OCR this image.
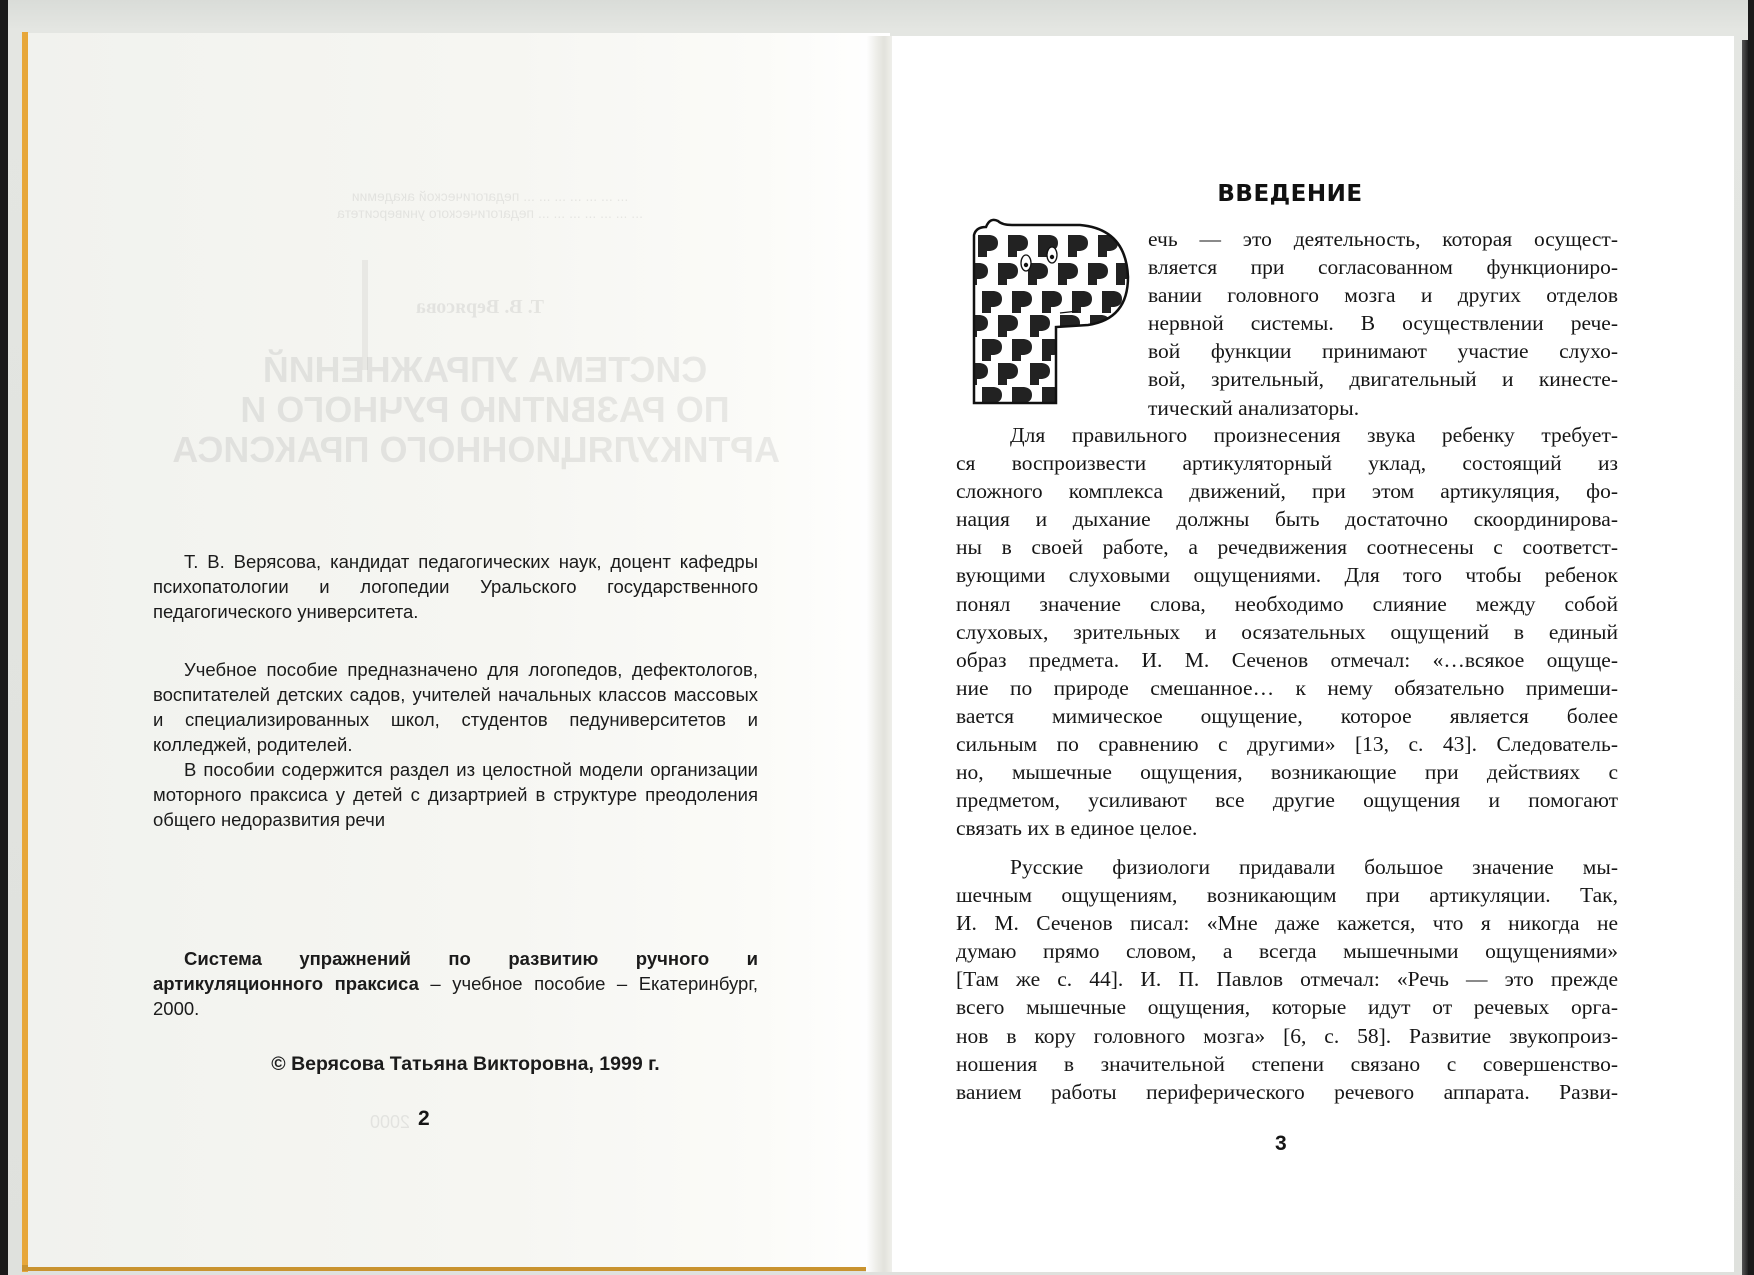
... ... ... ... ... ... ... педагогической академии
... ... ... ... ... ... ... педагогического университета
Т. В. Верясова
СИСТЕМА УПРАЖНЕНИЙ
ПО РАЗВИТИЮ РУЧНОГО И
АРТИКУЛЯЦИОННОГО ПРАКСИСА
2000

Т. В. Верясова, кандидат педагогических наук, доцент кафедры психопатологии и логопедии Уральского государственного педагогического университета.

Учебное пособие предназначено для логопедов, дефектологов, воспитателей детских садов, учителей начальных классов массовых и специализированных школ, студентов педуниверситетов и колледжей, родителей.

В пособии содержится раздел из целостной модели организации моторного праксиса у детей с дизартрией в структуре преодоления общего недоразвития речи

Система упражнений по развитию ручного и артикуляционного праксиса – учебное пособие – Екатеринбург, 2000.

© Верясова Татьяна Викторовна, 1999 г.
2
ВВЕДЕНИЕ
ечь — это деятельность, которая осущест-
вляется при согласованном функциониро-
вании головного мозга и других отделов
нервной системы. В осуществлении рече-
вой функции принимают участие слухо-
вой, зрительный, двигательный и кинесте-
тический анализаторы.
Для правильного произнесения звука ребенку требует-
ся воспроизвести артикуляторный уклад, состоящий из
сложного комплекса движений, при этом артикуляция, фо-
нация и дыхание должны быть достаточно скоординирова-
ны в своей работе, а речедвижения соотнесены с соответст-
вующими слуховыми ощущениями. Для того чтобы ребенок
понял значение слова, необходимо слияние между собой
слуховых, зрительных и осязательных ощущений в единый
образ предмета. И. М. Сеченов отмечал: «…всякое ощуще-
ние по природе смешанное… к нему обязательно примеши-
вается мимическое ощущение, которое является более
сильным по сравнению с другими» [13, с. 43]. Следователь-
но, мышечные ощущения, возникающие при действиях с
предметом, усиливают все другие ощущения и помогают
связать их в единое целое.
Русские физиологи придавали большое значение мы-
шечным ощущениям, возникающим при артикуляции. Так,
И. М. Сеченов писал: «Мне даже кажется, что я никогда не
думаю прямо словом, а всегда мышечными ощущениями»
[Там же с. 44]. И. П. Павлов отмечал: «Речь — это прежде
всего мышечные ощущения, которые идут от речевых орга-
нов в кору головного мозга» [6, с. 58]. Развитие звукопроиз-
ношения в значительной степени связано с совершенство-
ванием работы периферического речевого аппарата. Разви-
3
